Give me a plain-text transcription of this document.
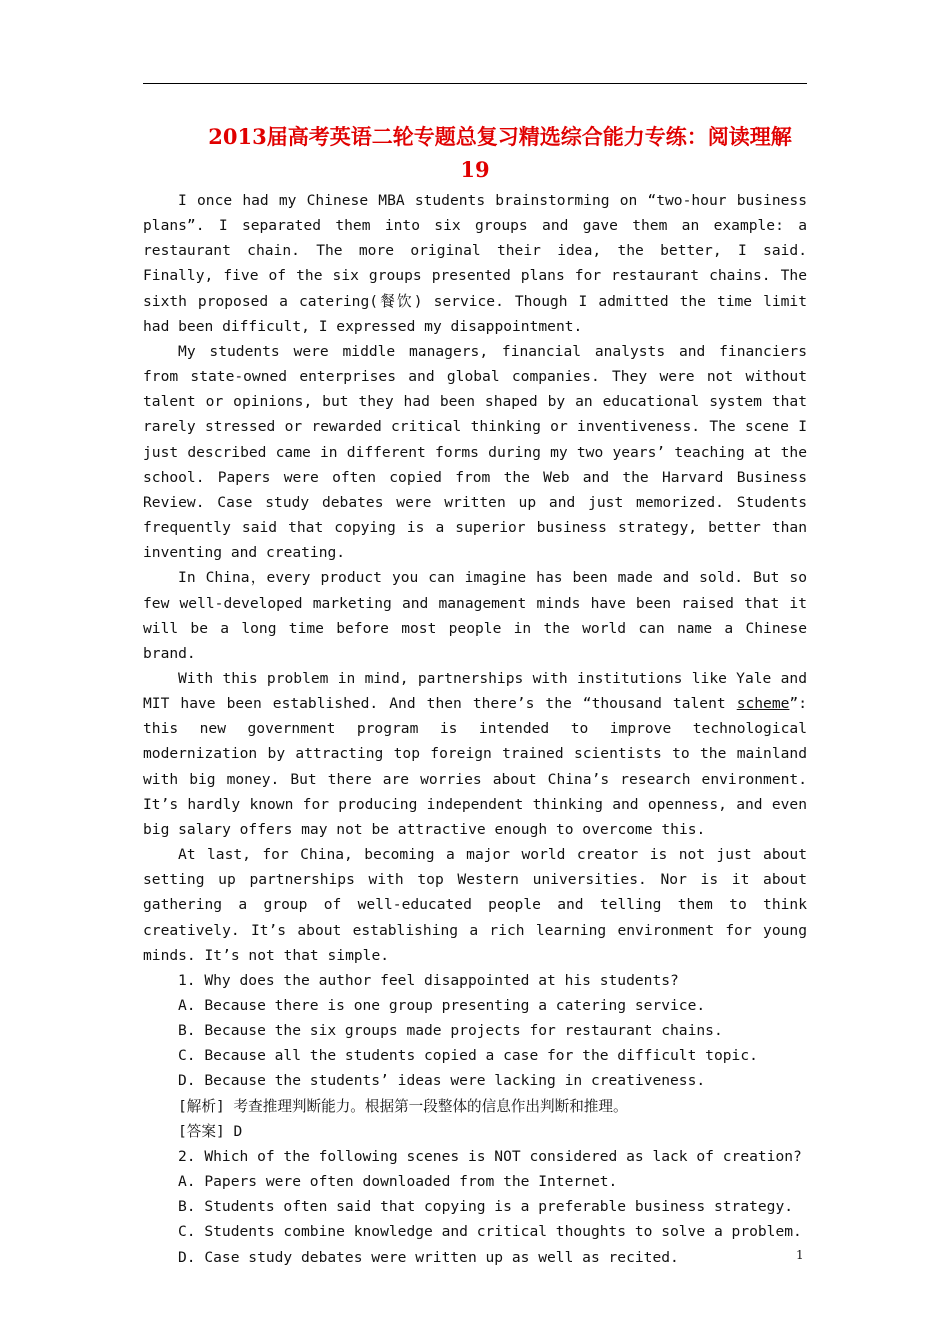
2013届高考英语二轮专题总复习精选综合能力专练：阅读理解
19

I once had my Chinese MBA students brainstorming on “two-hour business plans”. I separated them into six groups and gave them an example: a restaurant chain. The more original their idea, the better, I said. Finally, five of the six groups presented plans for restaurant chains. The sixth proposed a catering(餐饮) service. Though I admitted the time limit had been difficult, I expressed my disappointment.

My students were middle managers, financial analysts and financiers from state-owned enterprises and global companies. They were not without talent or opinions, but they had been shaped by an educational system that rarely stressed or rewarded critical thinking or inventiveness. The scene I just described came in different forms during my two years’ teaching at the school. Papers were often copied from the Web and the Harvard Business Review. Case study debates were written up and just memorized. Students frequently said that copying is a superior business strategy, better than inventing and creating.

In China，every product you can imagine has been made and sold. But so few well-developed marketing and management minds have been raised that it will be a long time before most people in the world can name a Chinese brand.

With this problem in mind, partnerships with institutions like Yale and MIT have been established. And then there’s the “thousand talent scheme”: this new government program is intended to improve technological modernization by attracting top foreign trained scientists to the mainland with big money. But there are worries about China’s research environment. It’s hardly known for producing independent thinking and openness, and even big salary offers may not be attractive enough to overcome this.

At last, for China, becoming a major world creator is not just about setting up partnerships with top Western universities. Nor is it about gathering a group of well-educated people and telling them to think creatively. It’s about establishing a rich learning environment for young minds. It’s not that simple.

1. Why does the author feel disappointed at his students?

A. Because there is one group presenting a catering service.

B. Because the six groups made projects for restaurant chains.

C. Because all the students copied a case for the difficult topic.

D. Because the students’ ideas were lacking in creativeness.

[解析] 考查推理判断能力。根据第一段整体的信息作出判断和推理。

[答案] D

2. Which of the following scenes is NOT considered as lack of creation?

A. Papers were often downloaded from the Internet.

B. Students often said that copying is a preferable business strategy.

C. Students combine knowledge and critical thoughts to solve a problem.

D. Case study debates were written up as well as recited.	1
